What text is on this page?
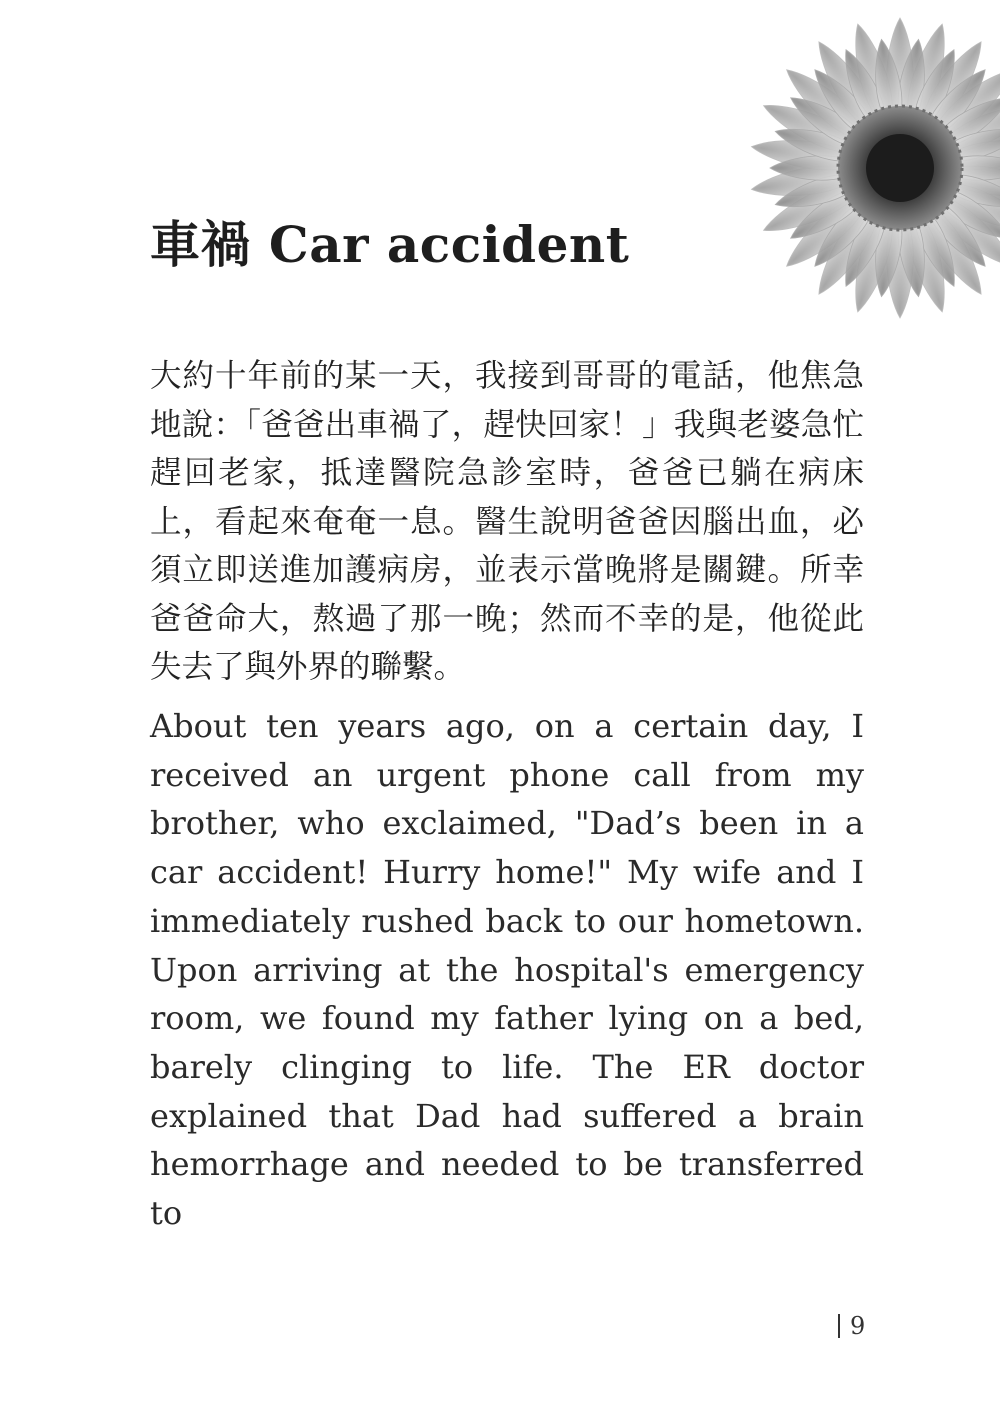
車禍 Car accident

大約十年前的某一天，我接到哥哥的電話，他焦急地說：「爸爸出車禍了，趕快回家！」我與老婆急忙趕回老家，抵達醫院急診室時，爸爸已躺在病床上，看起來奄奄一息。醫生說明爸爸因腦出血，必須立即送進加護病房，並表示當晚將是關鍵。所幸爸爸命大，熬過了那一晚；然而不幸的是，他從此失去了與外界的聯繫。

About ten years ago, on a certain day, I received an urgent phone call from my brother, who exclaimed, "Dad’s been in a car accident! Hurry home!" My wife and I immediately rushed back to our hometown. Upon arriving at the hospital's emergency room, we found my father lying on a bed, barely clinging to life. The ER doctor explained that Dad had suffered a brain hemorrhage and needed to be transferred to

9
